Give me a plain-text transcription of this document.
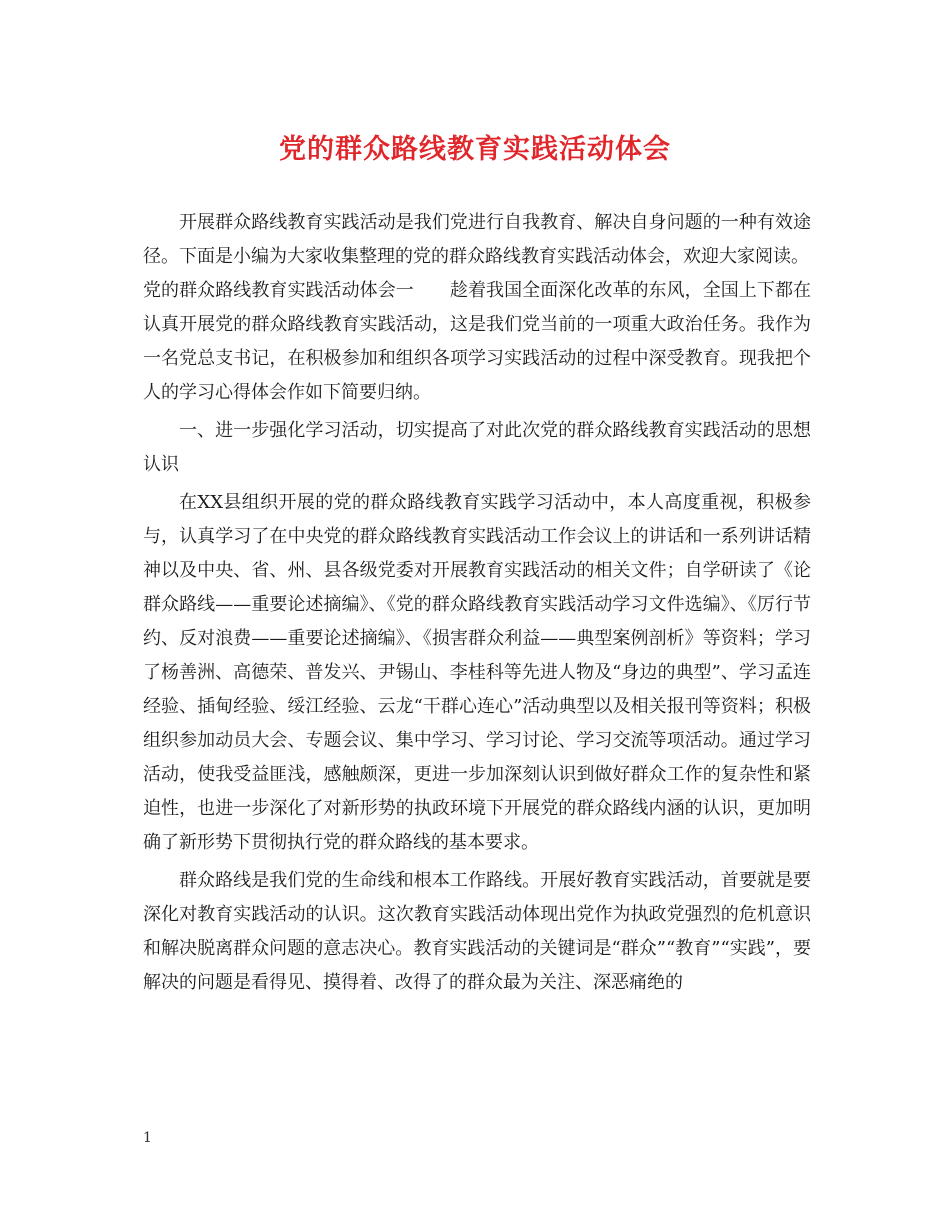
党的群众路线教育实践活动体会

开展群众路线教育实践活动是我们党进行自我教育、解决自身问题的一种有效途径。下面是小编为大家收集整理的党的群众路线教育实践活动体会，欢迎大家阅读。

党的群众路线教育实践活动体会一　　趁着我国全面深化改革的东风，全国上下都在认真开展党的群众路线教育实践活动，这是我们党当前的一项重大政治任务。我作为一名党总支书记，在积极参加和组织各项学习实践活动的过程中深受教育。现我把个人的学习心得体会作如下简要归纳。

一、进一步强化学习活动，切实提高了对此次党的群众路线教育实践活动的思想认识

在XX县组织开展的党的群众路线教育实践学习活动中，本人高度重视，积极参与，认真学习了在中央党的群众路线教育实践活动工作会议上的讲话和一系列讲话精神以及中央、省、州、县各级党委对开展教育实践活动的相关文件；自学研读了《论群众路线——重要论述摘编》、《党的群众路线教育实践活动学习文件选编》、《厉行节约、反对浪费——重要论述摘编》、《损害群众利益——典型案例剖析》等资料；学习了杨善洲、高德荣、普发兴、尹锡山、李桂科等先进人物及“身边的典型”、学习孟连经验、插甸经验、绥江经验、云龙“干群心连心”活动典型以及相关报刊等资料；积极组织参加动员大会、专题会议、集中学习、学习讨论、学习交流等项活动。通过学习活动，使我受益匪浅，感触颇深，更进一步加深刻认识到做好群众工作的复杂性和紧迫性，也进一步深化了对新形势的执政环境下开展党的群众路线内涵的认识，更加明确了新形势下贯彻执行党的群众路线的基本要求。

群众路线是我们党的生命线和根本工作路线。开展好教育实践活动，首要就是要深化对教育实践活动的认识。这次教育实践活动体现出党作为执政党强烈的危机意识和解决脱离群众问题的意志决心。教育实践活动的关键词是“群众”“教育”“实践”，要解决的问题是看得见、摸得着、改得了的群众最为关注、深恶痛绝的

1
